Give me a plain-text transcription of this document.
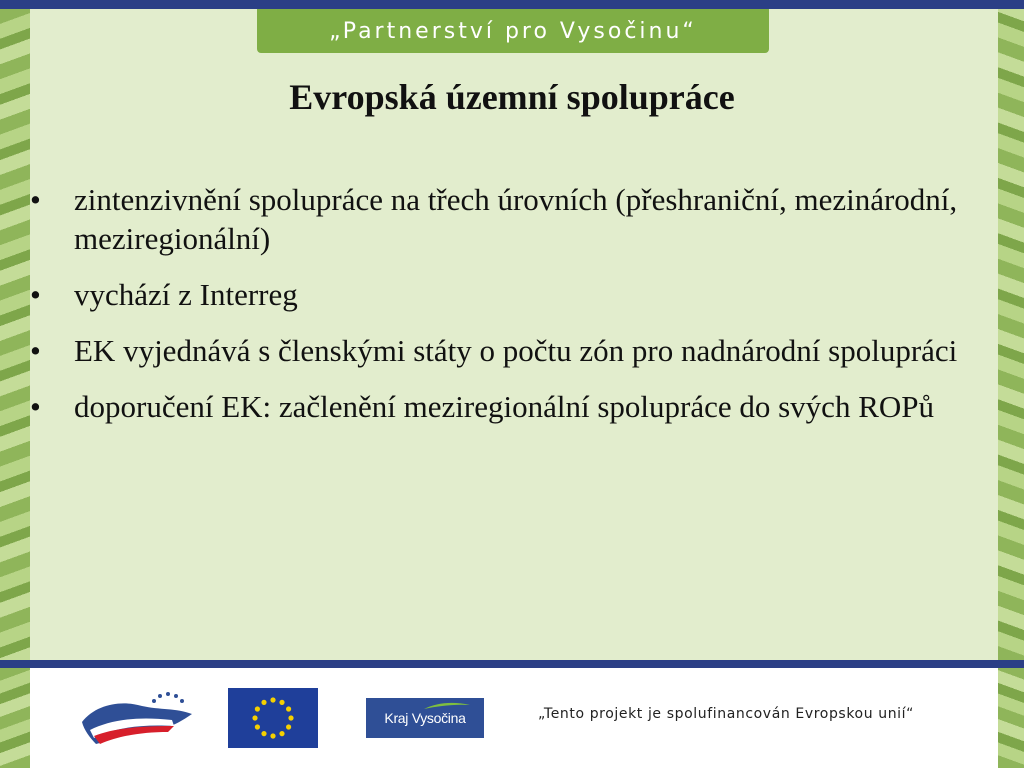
„Partnerství pro Vysočinu“
Evropská územní spolupráce
• zintenzivnění spolupráce na třech úrovních (přeshraniční, mezinárodní, meziregionální)
• vychází z Interreg
• EK vyjednává s členskými státy o počtu zón pro nadnárodní spolupráci
• doporučení EK: začlenění meziregionální spolupráce do svých ROPů
Kraj Vysočina	„Tento projekt je spolufinancován Evropskou unií“
